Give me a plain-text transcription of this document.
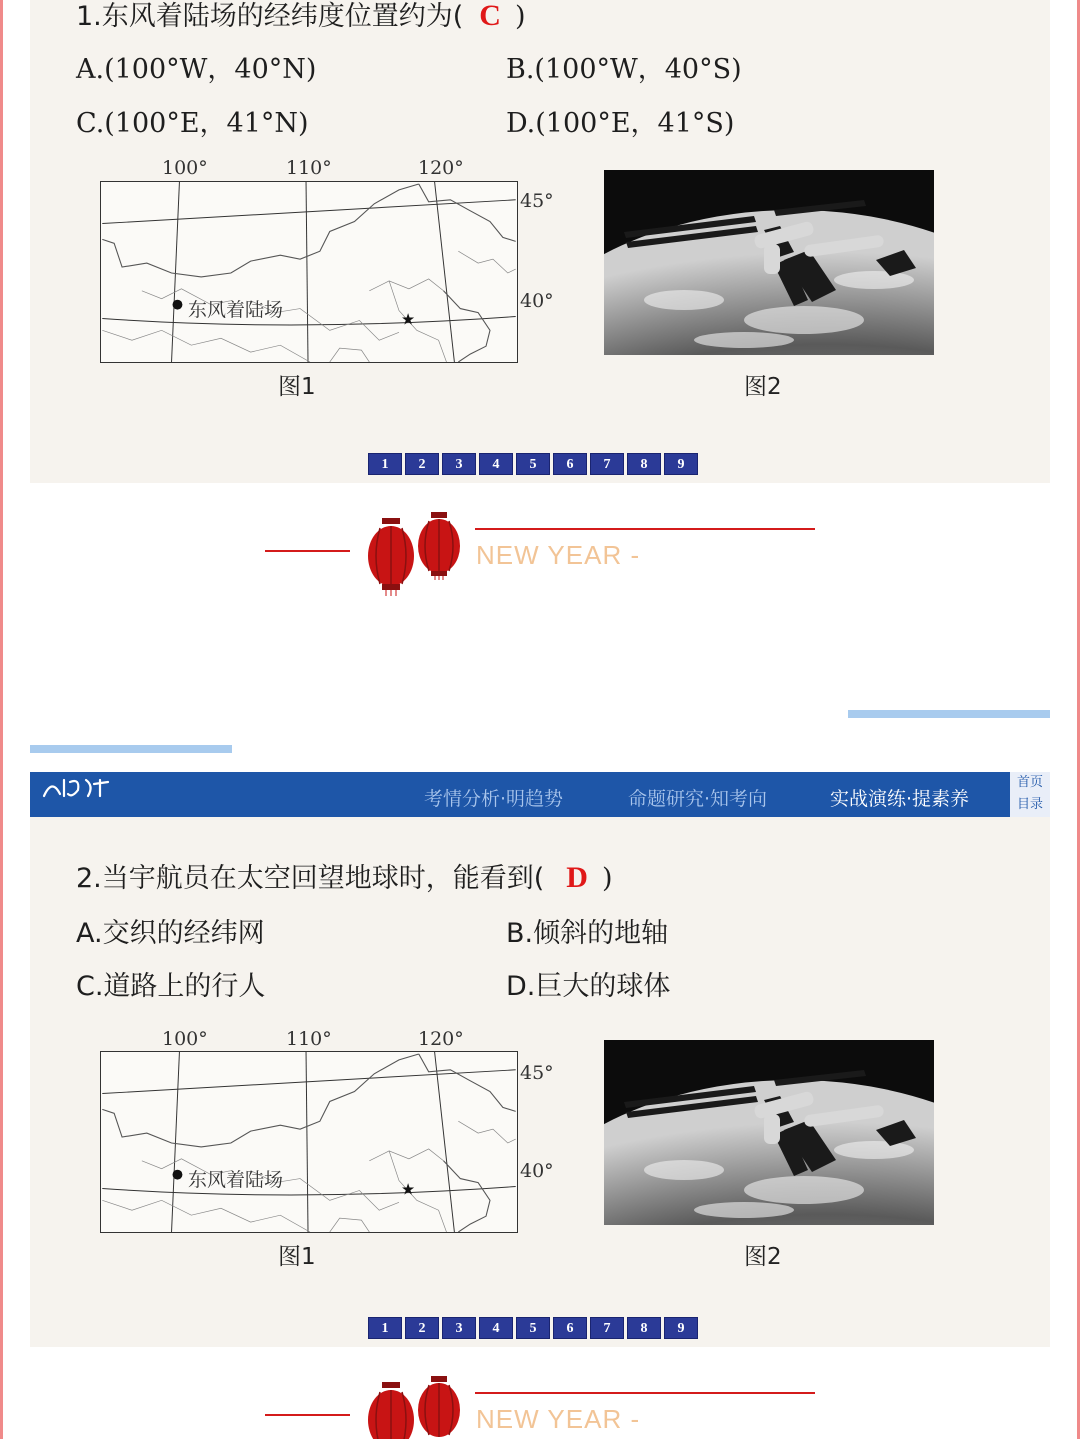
1.东风着陆场的经纬度位置约为( C )
A.(100°W，40°N)	B.(100°W，40°S)
C.(100°E，41°N)	D.(100°E，41°S)
100°	110°	120°
★
东风着陆场
45°
40°
图1	图2
1	2	3	4	5	6	7	8	9
NEW YEAR -
2.当宇航员在太空回望地球时，能看到( D )
A.交织的经纬网	B.倾斜的地轴
C.道路上的行人	D.巨大的球体
100°	110°	120°
★
东风着陆场
45°
40°
图1	图2
1	2	3	4	5	6	7	8	9
考情分析·明趋势	命题研究·知考向	实战演练·提素养
首页
目录
NEW YEAR -
